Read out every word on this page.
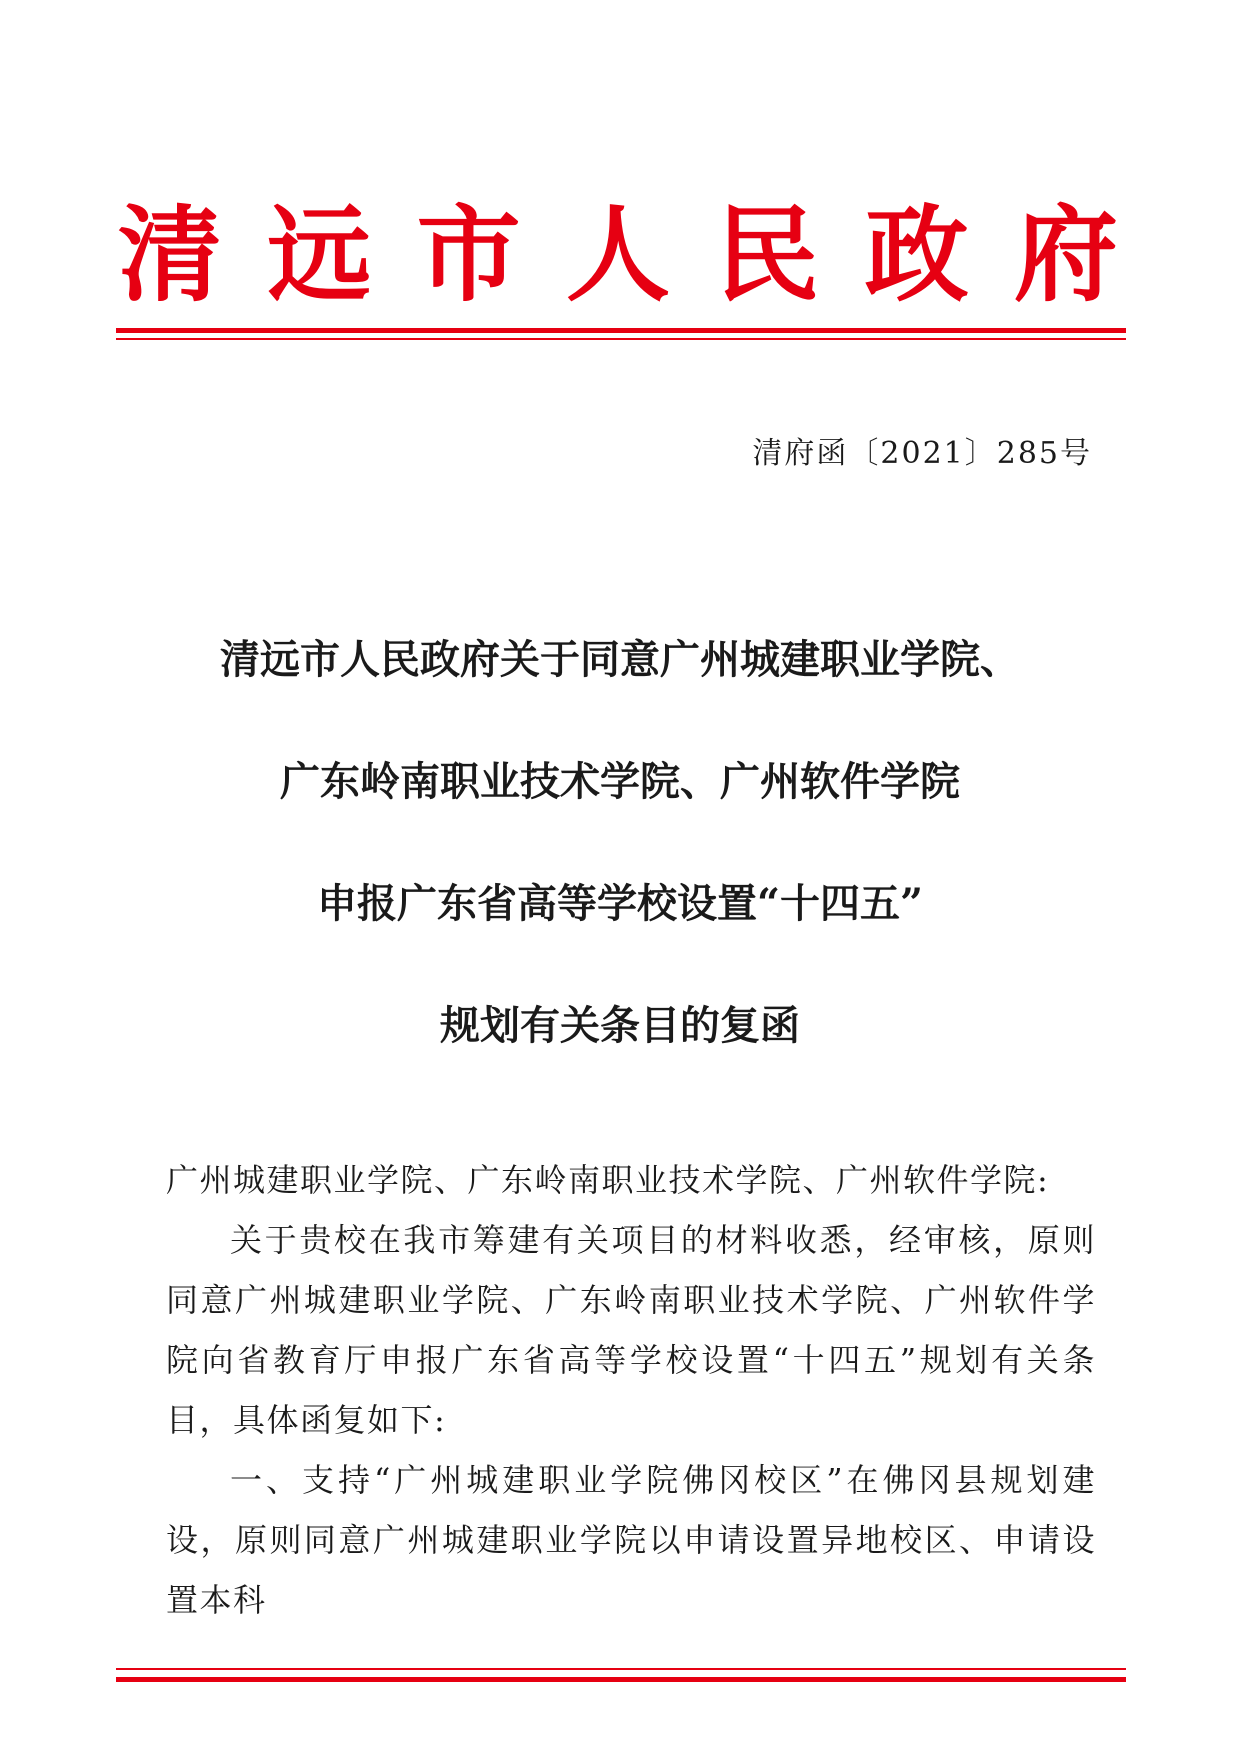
清 远 市 人 民 政 府
清府函〔2021〕285号
清远市人民政府关于同意广州城建职业学院、
广东岭南职业技术学院、广州软件学院
申报广东省高等学校设置“十四五”
规划有关条目的复函

广州城建职业学院、广东岭南职业技术学院、广州软件学院:

关于贵校在我市筹建有关项目的材料收悉，经审核，原则同意广州城建职业学院、广东岭南职业技术学院、广州软件学院向省教育厅申报广东省高等学校设置“十四五”规划有关条目，具体函复如下:

一、支持“广州城建职业学院佛冈校区”在佛冈县规划建设，原则同意广州城建职业学院以申请设置异地校区、申请设置本科
